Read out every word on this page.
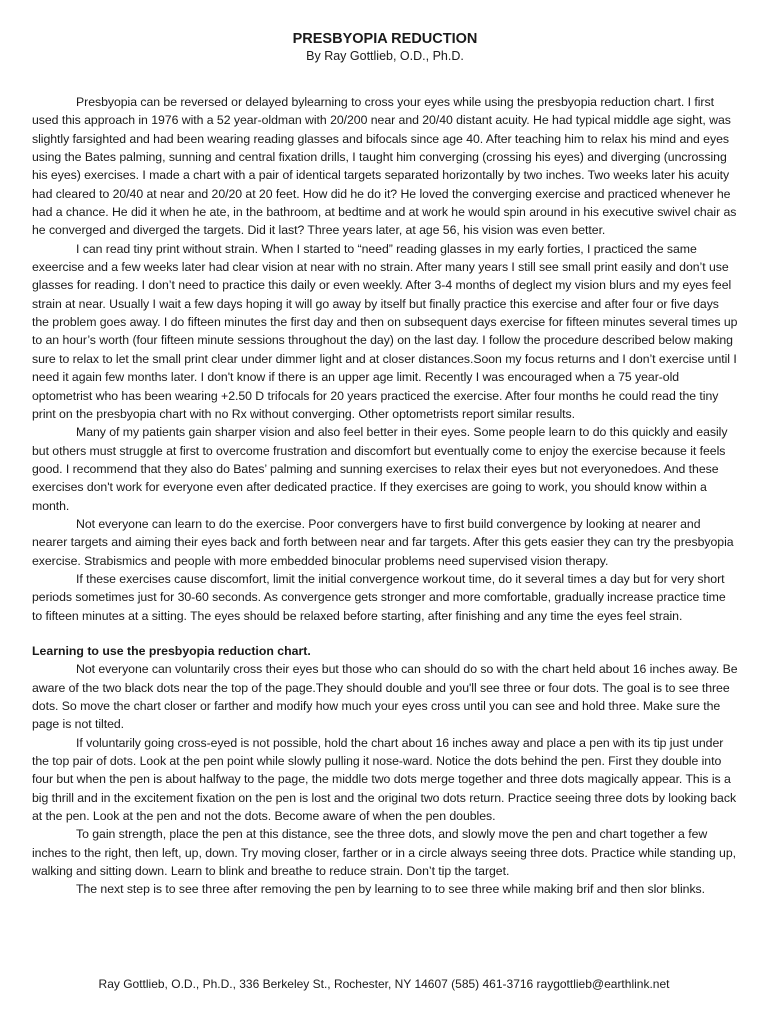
PRESBYOPIA REDUCTION

By Ray Gottlieb, O.D., Ph.D.

Presbyopia can be reversed or delayed bylearning to cross your eyes while using the presbyopia reduction chart. I first used this approach in 1976 with a 52 year-oldman with 20/200 near and 20/40 distant acuity. He had typical middle age sight, was slightly farsighted and had been wearing reading glasses and bifocals since age 40. After teaching him to relax his mind and eyes using the Bates palming, sunning and central fixation drills, I taught him converging (crossing his eyes) and diverging (uncrossing his eyes) exercises. I made a chart with a pair of identical targets separated horizontally by two inches. Two weeks later his acuity had cleared to 20/40 at near and 20/20 at 20 feet. How did he do it? He loved the converging exercise and practiced whenever he had a chance. He did it when he ate, in the bathroom, at bedtime and at work he would spin around in his executive swivel chair as he converged and diverged the targets. Did it last? Three years later, at age 56, his vision was even better.

I can read tiny print without strain. When I started to “need” reading glasses in my early forties, I practiced the same exeercise and a few weeks later had clear vision at near with no strain. After many years I still see small print easily and don’t use glasses for reading. I don’t need to practice this daily or even weekly. After 3-4 months of deglect my vision blurs and my eyes feel strain at near. Usually I wait a few days hoping it will go away by itself but finally practice this exercise and after four or five days the problem goes away. I do fifteen minutes the first day and then on subsequent days exercise for fifteen minutes several times up to an hour’s worth (four fifteen minute sessions throughout the day) on the last day. I follow the procedure described below making sure to relax to let the small print clear under dimmer light and at closer distances.Soon my focus returns and I don’t exercise until I need it again few months later. I don't know if there is an upper age limit. Recently I was encouraged when a 75 year-old optometrist who has been wearing +2.50 D trifocals for 20 years practiced the exercise. After four months he could read the tiny print on the presbyopia chart with no Rx without converging. Other optometrists report similar results.

Many of my patients gain sharper vision and also feel better in their eyes. Some people learn to do this quickly and easily but others must struggle at first to overcome frustration and discomfort but eventually come to enjoy the exercise because it feels good. I recommend that they also do Bates’ palming and sunning exercises to relax their eyes but not everyonedoes. And these exercises don't work for everyone even after dedicated practice. If they exercises are going to work, you should know within a month.

Not everyone can learn to do the exercise. Poor convergers have to first build convergence by looking at nearer and nearer targets and aiming their eyes back and forth between near and far targets. After this gets easier they can try the presbyopia exercise. Strabismics and people with more embedded binocular problems need supervised vision therapy.

If these exercises cause discomfort, limit the initial convergence workout time, do it several times a day but for very short periods sometimes just for 30-60 seconds. As convergence gets stronger and more comfortable, gradually increase practice time to fifteen minutes at a sitting. The eyes should be relaxed before starting, after finishing and any time the eyes feel strain.

Learning to use the presbyopia reduction chart.

Not everyone can voluntarily cross their eyes but those who can should do so with the chart held about 16 inches away. Be aware of the two black dots near the top of the page.They should double and you'll see three or four dots. The goal is to see three dots. So move the chart closer or farther and modify how much your eyes cross until you can see and hold three. Make sure the page is not tilted.

If voluntarily going cross-eyed is not possible, hold the chart about 16 inches away and place a pen with its tip just under the top pair of dots. Look at the pen point while slowly pulling it nose-ward. Notice the dots behind the pen. First they double into four but when the pen is about halfway to the page, the middle two dots merge together and three dots magically appear. This is a big thrill and in the excitement fixation on the pen is lost and the original two dots return. Practice seeing three dots by looking back at the pen. Look at the pen and not the dots. Become aware of when the pen doubles.

To gain strength, place the pen at this distance, see the three dots, and slowly move the pen and chart together a few inches to the right, then left, up, down. Try moving closer, farther or in a circle always seeing three dots. Practice while standing up, walking and sitting down. Learn to blink and breathe to reduce strain. Don’t tip the target.

The next step is to see three after removing the pen by learning to to see three while making brif and then slor blinks.

Ray Gottlieb, O.D., Ph.D., 336 Berkeley St., Rochester, NY 14607 (585) 461-3716 raygottlieb@earthlink.net
